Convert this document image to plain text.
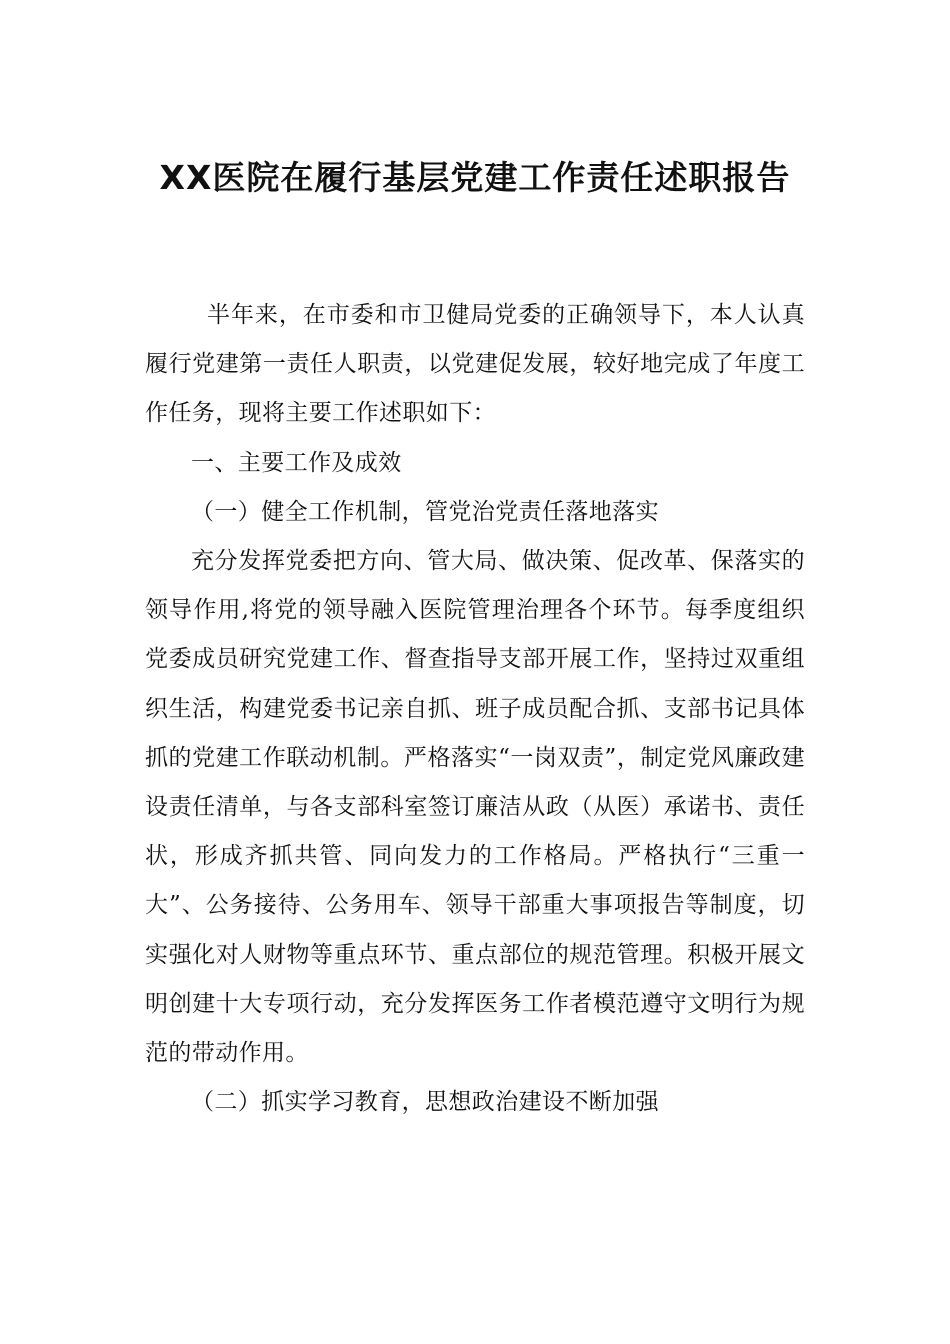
XX医院在履行基层党建工作责任述职报告

半年来，在市委和市卫健局党委的正确领导下，本人认真履行党建第一责任人职责，以党建促发展，较好地完成了年度工作任务，现将主要工作述职如下：

一、主要工作及成效

（一）健全工作机制，管党治党责任落地落实

充分发挥党委把方向、管大局、做决策、促改革、保落实的领导作用,将党的领导融入医院管理治理各个环节。每季度组织党委成员研究党建工作、督查指导支部开展工作，坚持过双重组织生活，构建党委书记亲自抓、班子成员配合抓、支部书记具体抓的党建工作联动机制。严格落实“一岗双责”，制定党风廉政建设责任清单，与各支部科室签订廉洁从政（从医）承诺书、责任状，形成齐抓共管、同向发力的工作格局。严格执行“三重一大”、公务接待、公务用车、领导干部重大事项报告等制度，切实强化对人财物等重点环节、重点部位的规范管理。积极开展文明创建十大专项行动，充分发挥医务工作者模范遵守文明行为规范的带动作用。

（二）抓实学习教育，思想政治建设不断加强
